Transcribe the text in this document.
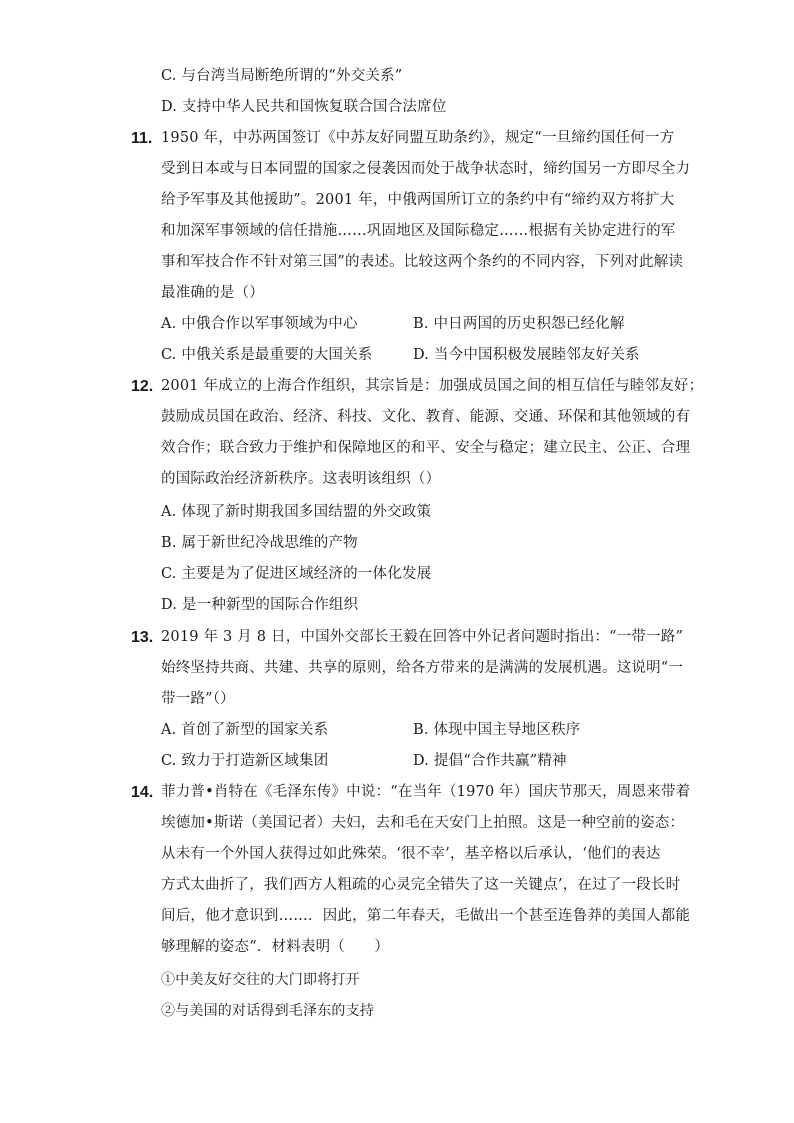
C. 与台湾当局断绝所谓的“外交关系”
D. 支持中华人民共和国恢复联合国合法席位
11. 1950 年，中苏两国签订《中苏友好同盟互助条约》，规定“一旦缔约国任何一方
受到日本或与日本同盟的国家之侵袭因而处于战争状态时，缔约国另一方即尽全力
给予军事及其他援助”。2001 年，中俄两国所订立的条约中有“缔约双方将扩大
和加深军事领域的信任措施……巩固地区及国际稳定……根据有关协定进行的军
事和军技合作不针对第三国”的表述。比较这两个条约的不同内容，下列对此解读
最准确的是（）
A. 中俄合作以军事领域为中心	B. 中日两国的历史积怨已经化解
C. 中俄关系是最重要的大国关系	D. 当今中国积极发展睦邻友好关系
12. 2001 年成立的上海合作组织，其宗旨是：加强成员国之间的相互信任与睦邻友好；
鼓励成员国在政治、经济、科技、文化、教育、能源、交通、环保和其他领域的有
效合作；联合致力于维护和保障地区的和平、安全与稳定；建立民主、公正、合理
的国际政治经济新秩序。这表明该组织（）
A. 体现了新时期我国多国结盟的外交政策
B. 属于新世纪冷战思维的产物
C. 主要是为了促进区域经济的一体化发展
D. 是一种新型的国际合作组织
13. 2019 年 3 月 8 日，中国外交部长王毅在回答中外记者问题时指出：“一带一路”
始终坚持共商、共建、共享的原则，给各方带来的是满满的发展机遇。这说明“一
带一路”（）
A. 首创了新型的国家关系	B. 体现中国主导地区秩序
C. 致力于打造新区域集团	D. 提倡“合作共赢”精神
14. 菲力普•肖特在《毛泽东传》中说：“在当年（1970 年）国庆节那天，周恩来带着
埃德加•斯诺（美国记者）夫妇，去和毛在天安门上拍照。这是一种空前的姿态：
从未有一个外国人获得过如此殊荣。‘很不幸’，基辛格以后承认，‘他们的表达
方式太曲折了，我们西方人粗疏的心灵完全错失了这一关键点’，在过了一段长时
间后，他才意识到……．因此，第二年春天，毛做出一个甚至连鲁莽的美国人都能
够理解的姿态“．材料表明（　　）
①中美友好交往的大门即将打开
②与美国的对话得到毛泽东的支持
